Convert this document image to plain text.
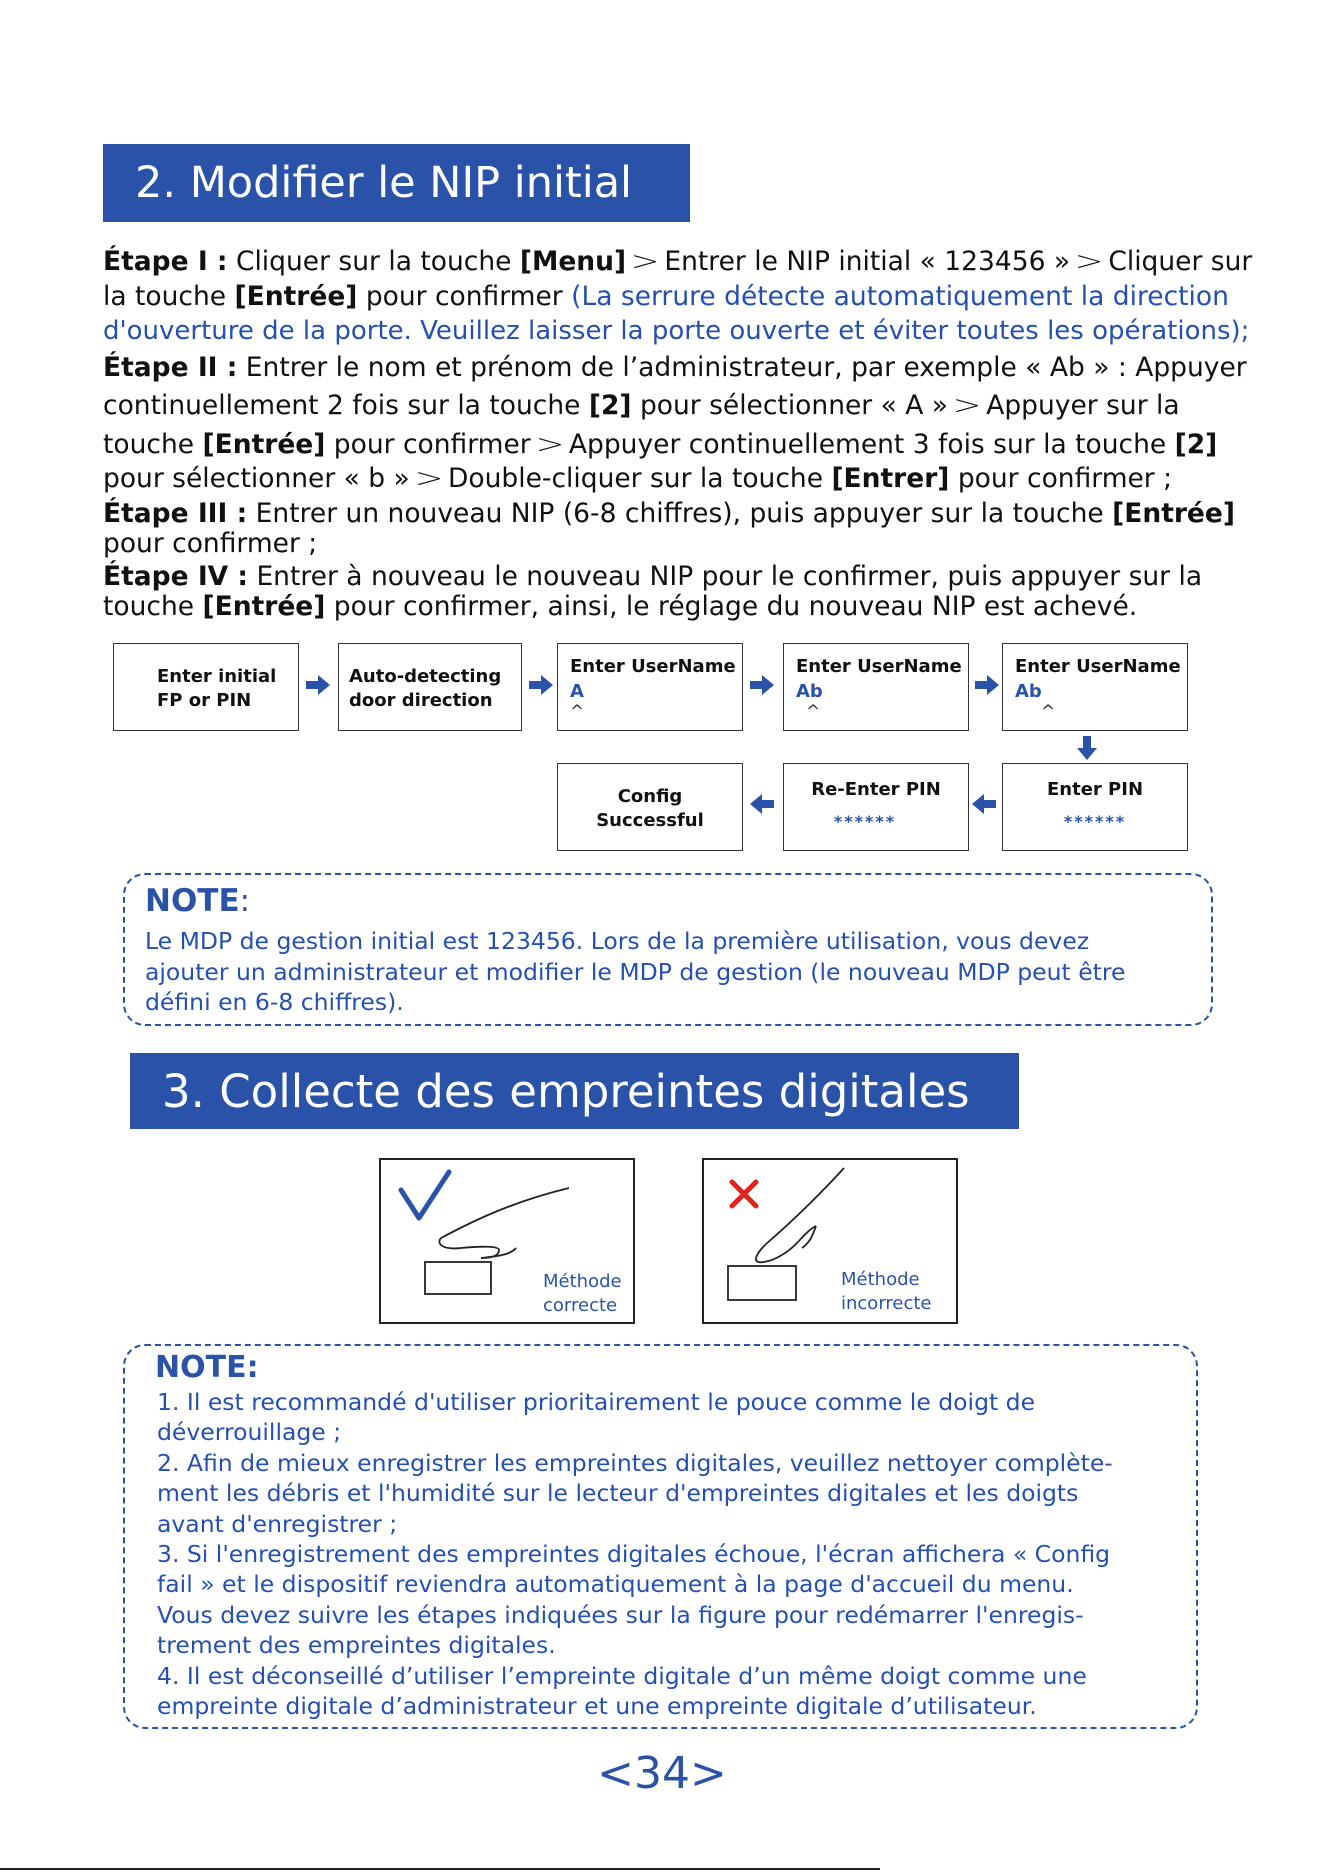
2. Modifier le NIP initial

Étape I : Cliquer sur la touche [Menu] > Entrer le NIP initial « 123456 » > Cliquer sur

la touche [Entrée] pour confirmer (La serrure détecte automatiquement la direction

d'ouverture de la porte. Veuillez laisser la porte ouverte et éviter toutes les opérations);

Étape II : Entrer le nom et prénom de l’administrateur, par exemple « Ab » : Appuyer

continuellement 2 fois sur la touche [2] pour sélectionner « A » > Appuyer sur la

touche [Entrée] pour confirmer > Appuyer continuellement 3 fois sur la touche [2]

pour sélectionner « b » > Double-cliquer sur la touche [Entrer] pour confirmer ;

Étape III : Entrer un nouveau NIP (6-8 chiffres), puis appuyer sur la touche [Entrée]

pour confirmer ;

Étape IV : Entrer à nouveau le nouveau NIP pour le confirmer, puis appuyer sur la

touche [Entrée] pour confirmer, ainsi, le réglage du nouveau NIP est achevé.

Enter initial
FP or PIN
Auto-detecting
door direction
Enter UserName
A
^
Enter UserName
Ab
^
Enter UserName
Ab
^
Enter PIN
******
Re-Enter PIN
******
Config
Successful
NOTE:

Le MDP de gestion initial est 123456. Lors de la première utilisation, vous devez

ajouter un administrateur et modifier le MDP de gestion (le nouveau MDP peut être

défini en 6-8 chiffres).

3. Collecte des empreintes digitales
Méthode
correcte
Méthode
incorrecte
NOTE:

1. Il est recommandé d'utiliser prioritairement le pouce comme le doigt de

déverrouillage ;

2. Afin de mieux enregistrer les empreintes digitales, veuillez nettoyer complète-

ment les débris et l'humidité sur le lecteur d'empreintes digitales et les doigts

avant d'enregistrer ;

3. Si l'enregistrement des empreintes digitales échoue, l'écran affichera « Config

fail » et le dispositif reviendra automatiquement à la page d'accueil du menu.

Vous devez suivre les étapes indiquées sur la figure pour redémarrer l'enregis-

trement des empreintes digitales.

4. Il est déconseillé d’utiliser l’empreinte digitale d’un même doigt comme une

empreinte digitale d’administrateur et une empreinte digitale d’utilisateur.

<34>
